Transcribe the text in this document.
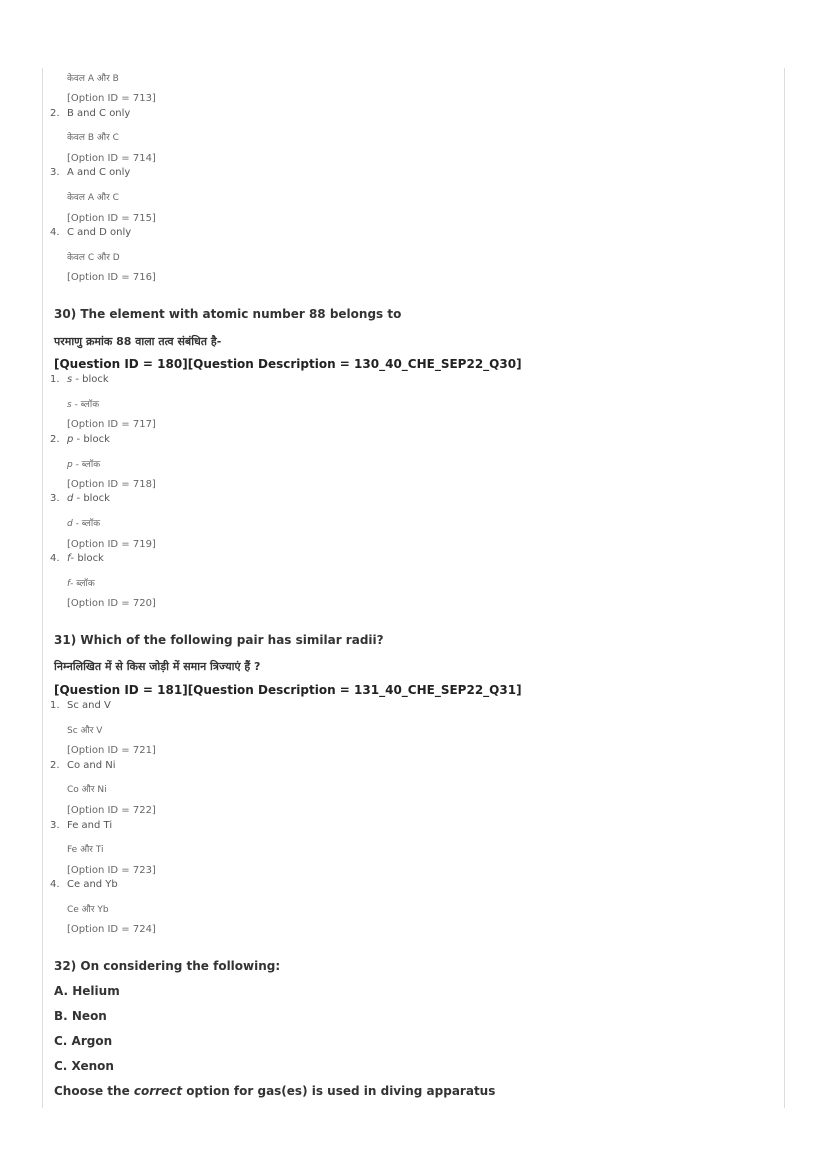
केवल A और B
[Option ID = 713]
2. B and C only
केवल B और C
[Option ID = 714]
3. A and C only
केवल A और C
[Option ID = 715]
4. C and D only
केवल C और D
[Option ID = 716]
30) The element with atomic number 88 belongs to
परमाणु क्रमांक 88 वाला तत्व संबंधित है-
[Question ID = 180][Question Description = 130_40_CHE_SEP22_Q30]
1. s - block
s - ब्लॉक
[Option ID = 717]
2. p - block
p - ब्लॉक
[Option ID = 718]
3. d - block
d - ब्लॉक
[Option ID = 719]
4. f- block
f- ब्लॉक
[Option ID = 720]
31) Which of the following pair has similar radii?
निम्नलिखित में से किस जोड़ी में समान त्रिज्याएं हैं ?
[Question ID = 181][Question Description = 131_40_CHE_SEP22_Q31]
1. Sc and V
Sc और V
[Option ID = 721]
2. Co and Ni
Co और Ni
[Option ID = 722]
3. Fe and Ti
Fe और Ti
[Option ID = 723]
4. Ce and Yb
Ce और Yb
[Option ID = 724]
32) On considering the following:
A. Helium
B. Neon
C. Argon
C. Xenon
Choose the correct option for gas(es) is used in diving apparatus
